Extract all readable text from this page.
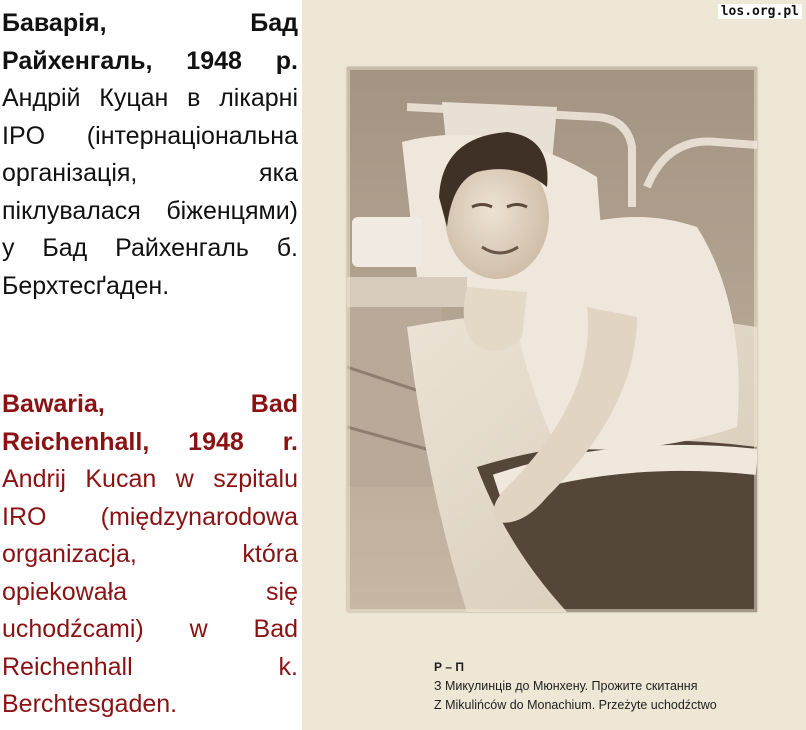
Баварія, Бад Райхенгаль, 1948 р. Андрій Куцан в лікарні IPO (інтернаціональна організація, яка піклувалася біженцями) у Бад Райхенгаль б. Берхтесґаден.

Bawaria, Bad Reichenhall, 1948 r. Andrij Kucan w szpitalu IRO (międzynarodowa organizacja, która opiekowała się uchodźcami) w Bad Reichenhall k. Berchtesgaden.

los.org.pl
Р – П
З Микулинців до Мюнхену. Прожите скитання
Z Mikulińców do Monachium. Przeżyte uchodźctwo
